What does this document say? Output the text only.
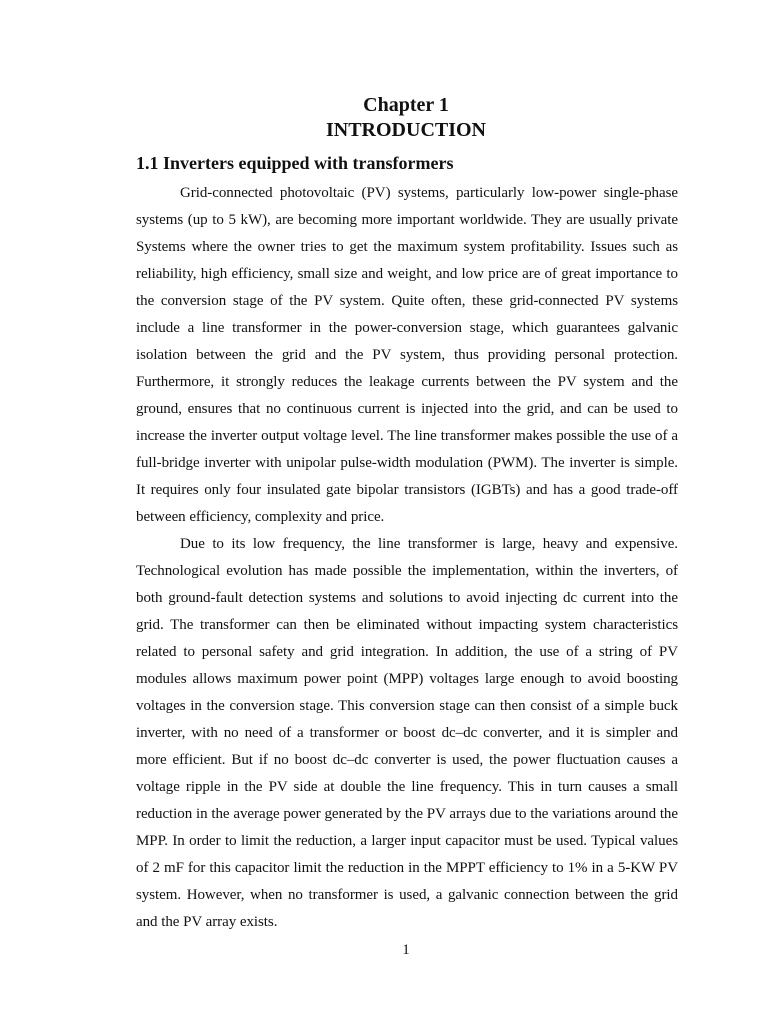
Chapter 1
INTRODUCTION
1.1 Inverters equipped with transformers

Grid-connected photovoltaic (PV) systems, particularly low-power single-phase systems (up to 5 kW), are becoming more important worldwide. They are usually private Systems where the owner tries to get the maximum system profitability. Issues such as reliability, high efficiency, small size and weight, and low price are of great importance to the conversion stage of the PV system. Quite often, these grid-connected PV systems include a line transformer in the power-conversion stage, which guarantees galvanic isolation between the grid and the PV system, thus providing personal protection. Furthermore, it strongly reduces the leakage currents between the PV system and the ground, ensures that no continuous current is injected into the grid, and can be used to increase the inverter output voltage level. The line transformer makes possible the use of a full-bridge inverter with unipolar pulse-width modulation (PWM). The inverter is simple. It requires only four insulated gate bipolar transistors (IGBTs) and has a good trade-off between efficiency, complexity and price.

Due to its low frequency, the line transformer is large, heavy and expensive. Technological evolution has made possible the implementation, within the inverters, of both ground-fault detection systems and solutions to avoid injecting dc current into the grid. The transformer can then be eliminated without impacting system characteristics related to personal safety and grid integration. In addition, the use of a string of PV modules allows maximum power point (MPP) voltages large enough to avoid boosting voltages in the conversion stage. This conversion stage can then consist of a simple buck inverter, with no need of a transformer or boost dc–dc converter, and it is simpler and more efficient. But if no boost dc–dc converter is used, the power fluctuation causes a voltage ripple in the PV side at double the line frequency. This in turn causes a small reduction in the average power generated by the PV arrays due to the variations around the MPP. In order to limit the reduction, a larger input capacitor must be used. Typical values of 2 mF for this capacitor limit the reduction in the MPPT efficiency to 1% in a 5-KW PV system. However, when no transformer is used, a galvanic connection between the grid and the PV array exists.

1
